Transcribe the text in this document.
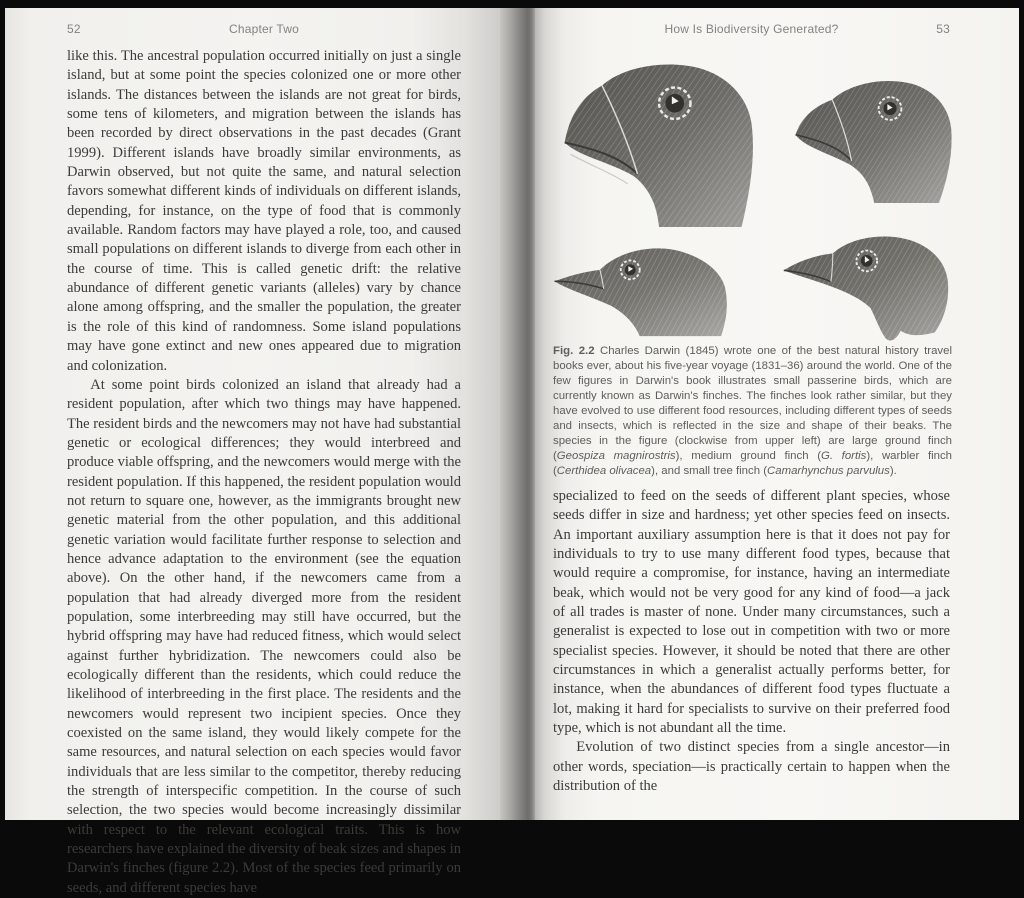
52	Chapter Two

like this. The ancestral population occurred initially on just a single island, but at some point the species colonized one or more other islands. The distances between the islands are not great for birds, some tens of kilometers, and migration between the islands has been recorded by direct observations in the past decades (Grant 1999). Different islands have broadly similar environments, as Darwin observed, but not quite the same, and natural selection favors somewhat different kinds of individuals on different islands, depending, for instance, on the type of food that is commonly available. Random factors may have played a role, too, and caused small populations on different islands to diverge from each other in the course of time. This is called genetic drift: the relative abundance of different genetic variants (alleles) vary by chance alone among offspring, and the smaller the population, the greater is the role of this kind of randomness. Some island populations may have gone extinct and new ones appeared due to migration and colonization.

At some point birds colonized an island that already had a resident population, after which two things may have happened. The resident birds and the newcomers may not have had substantial genetic or ecological differences; they would interbreed and produce viable offspring, and the newcomers would merge with the resident population. If this happened, the resident population would not return to square one, however, as the immigrants brought new genetic material from the other population, and this additional genetic variation would facilitate further response to selection and hence advance adaptation to the environment (see the equation above). On the other hand, if the newcomers came from a population that had already diverged more from the resident population, some interbreeding may still have occurred, but the hybrid offspring may have had reduced fitness, which would select against further hybridization. The newcomers could also be ecologically different than the residents, which could reduce the likelihood of interbreeding in the first place. The residents and the newcomers would represent two incipient species. Once they coexisted on the same island, they would likely compete for the same resources, and natural selection on each species would favor individuals that are less similar to the competitor, thereby reducing the strength of interspecific competition. In the course of such selection, the two species would become increasingly dissimilar with respect to the relevant ecological traits. This is how researchers have explained the diversity of beak sizes and shapes in Darwin's finches (figure 2.2). Most of the species feed primarily on seeds, and different species have

How Is Biodiversity Generated?	53
Fig. 2.2 Charles Darwin (1845) wrote one of the best natural history travel books ever, about his five-year voyage (1831–36) around the world. One of the few figures in Darwin's book illustrates small passerine birds, which are currently known as Darwin's finches. The finches look rather similar, but they have evolved to use different food resources, including different types of seeds and insects, which is reflected in the size and shape of their beaks. The species in the figure (clockwise from upper left) are large ground finch (Geospiza magnirostris), medium ground finch (G. fortis), warbler finch (Certhidea olivacea), and small tree finch (Camarhynchus parvulus).

specialized to feed on the seeds of different plant species, whose seeds differ in size and hardness; yet other species feed on insects. An important auxiliary assumption here is that it does not pay for individuals to try to use many different food types, because that would require a compromise, for instance, having an intermediate beak, which would not be very good for any kind of food—a jack of all trades is master of none. Under many circumstances, such a generalist is expected to lose out in competition with two or more specialist species. However, it should be noted that there are other circumstances in which a generalist actually performs better, for instance, when the abundances of different food types fluctuate a lot, making it hard for specialists to survive on their preferred food type, which is not abundant all the time.

Evolution of two distinct species from a single ancestor—in other words, speciation—is practically certain to happen when the distribution of the
